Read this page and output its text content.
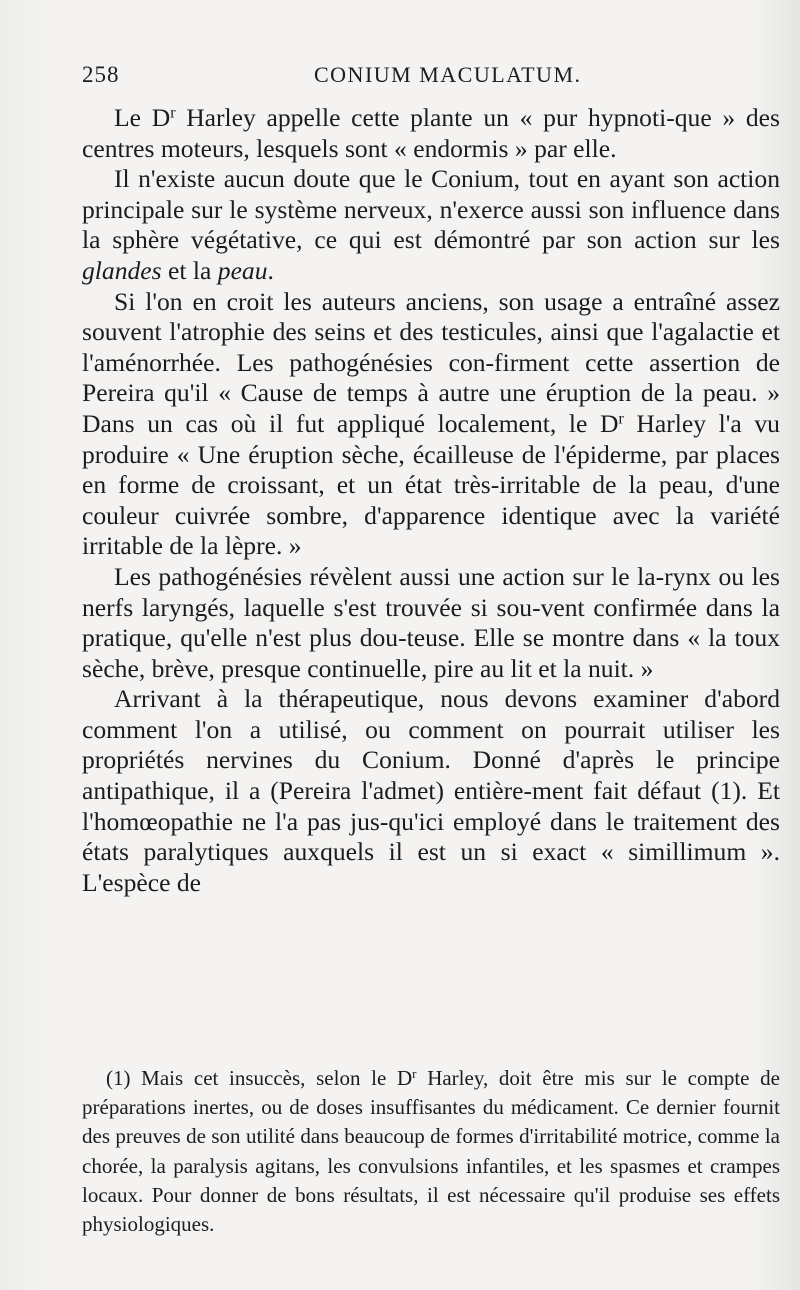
258	CONIUM MACULATUM.

Le $D^r$ Harley appelle cette plante un « pur hypnoti-que » des centres moteurs, lesquels sont « endormis » par elle.

Il n'existe aucun doute que le Conium, tout en ayant son action principale sur le système nerveux, n'exerce aussi son influence dans la sphère végétative, ce qui est démontré par son action sur les glandes et la peau.

Si l'on en croit les auteurs anciens, son usage a entraîné assez souvent l'atrophie des seins et des testicules, ainsi que l'agalactie et l'aménorrhée. Les pathogénésies con-firment cette assertion de Pereira qu'il « Cause de temps à autre une éruption de la peau. » Dans un cas où il fut appliqué localement, le $D^r$ Harley l'a vu produire « Une éruption sèche, écailleuse de l'épiderme, par places en forme de croissant, et un état très-irritable de la peau, d'une couleur cuivrée sombre, d'apparence identique avec la variété irritable de la lèpre. »

Les pathogénésies révèlent aussi une action sur le la-rynx ou les nerfs laryngés, laquelle s'est trouvée si sou-vent confirmée dans la pratique, qu'elle n'est plus dou-teuse. Elle se montre dans « la toux sèche, brève, presque continuelle, pire au lit et la nuit. »

Arrivant à la thérapeutique, nous devons examiner d'abord comment l'on a utilisé, ou comment on pourrait utiliser les propriétés nervines du Conium. Donné d'après le principe antipathique, il a (Pereira l'admet) entière-ment fait défaut (1). Et l'homœopathie ne l'a pas jus-qu'ici employé dans le traitement des états paralytiques auxquels il est un si exact « simillimum ». L'espèce de

(1) Mais cet insuccès, selon le $D^r$ Harley, doit être mis sur le compte de préparations inertes, ou de doses insuffisantes du médicament. Ce dernier fournit des preuves de son utilité dans beaucoup de formes d'irritabilité motrice, comme la chorée, la paralysis agitans, les convulsions infantiles, et les spasmes et crampes locaux. Pour donner de bons résultats, il est nécessaire qu'il produise ses effets physiologiques.
